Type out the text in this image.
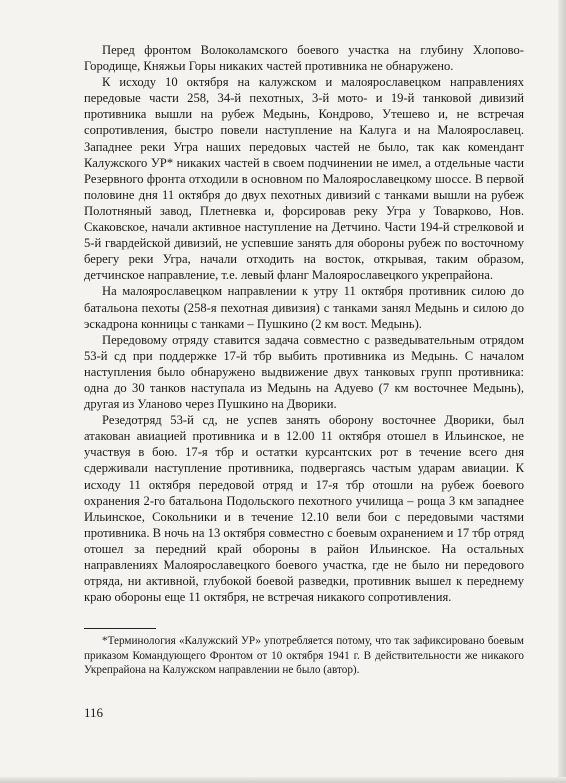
Перед фронтом Волоколамского боевого участка на глубину Хлопово-Городище, Княжьи Горы никаких частей противника не обнаружено.

К исходу 10 октября на калужском и малоярославецком направлениях передовые части 258, 34-й пехотных, 3-й мото- и 19-й танковой дивизий противника вышли на рубеж Медынь, Кондрово, Утешево и, не встречая сопротивления, быстро повели наступление на Калуга и на Малоярославец. Западнее реки Угра наших передовых частей не было, так как комендант Калужского УР* никаких частей в своем подчинении не имел, а отдельные части Резервного фронта отходили в основном по Малоярославецкому шоссе. В первой половине дня 11 октября до двух пехотных дивизий с танками вышли на рубеж Полотняный завод, Плетневка и, форсировав реку Угра у Товарково, Нов. Скаковское, начали активное наступление на Детчино. Части 194-й стрелковой и 5-й гвардейской дивизий, не успевшие занять для обороны рубеж по восточному берегу реки Угра, начали отходить на восток, открывая, таким образом, детчинское направление, т.е. левый фланг Малоярославецкого укрепрайона.

На малоярославецком направлении к утру 11 октября противник силою до батальона пехоты (258-я пехотная дивизия) с танками занял Медынь и силою до эскадрона конницы с танками – Пушкино (2 км вост. Медынь).

Передовому отряду ставится задача совместно с разведывательным отрядом 53-й сд при поддержке 17-й тбр выбить противника из Медынь. С началом наступления было обнаружено выдвижение двух танковых групп противника: одна до 30 танков наступала из Медынь на Адуево (7 км восточнее Медынь), другая из Уланово через Пушкино на Дворики.

Резедотряд 53-й сд, не успев занять оборону восточнее Дворики, был атакован авиацией противника и в 12.00 11 октября отошел в Ильинское, не участвуя в бою. 17-я тбр и остатки курсантских рот в течение всего дня сдерживали наступление противника, подвергаясь частым ударам авиации. К исходу 11 октября передовой отряд и 17-я тбр отошли на рубеж боевого охранения 2-го батальона Подольского пехотного училища – роща 3 км западнее Ильинское, Сокольники и в течение 12.10 вели бои с передовыми частями противника. В ночь на 13 октября совместно с боевым охранением и 17 тбр отряд отошел за передний край обороны в район Ильинское. На остальных направлениях Малоярославецкого боевого участка, где не было ни передового отряда, ни активной, глубокой боевой разведки, противник вышел к переднему краю обороны еще 11 октября, не встречая никакого сопротивления.

*Терминология «Калужский УР» употребляется потому, что так зафиксировано боевым приказом Командующего Фронтом от 10 октября 1941 г. В действительности же никакого Укрепрайона на Калужском направлении не было (автор).

116
